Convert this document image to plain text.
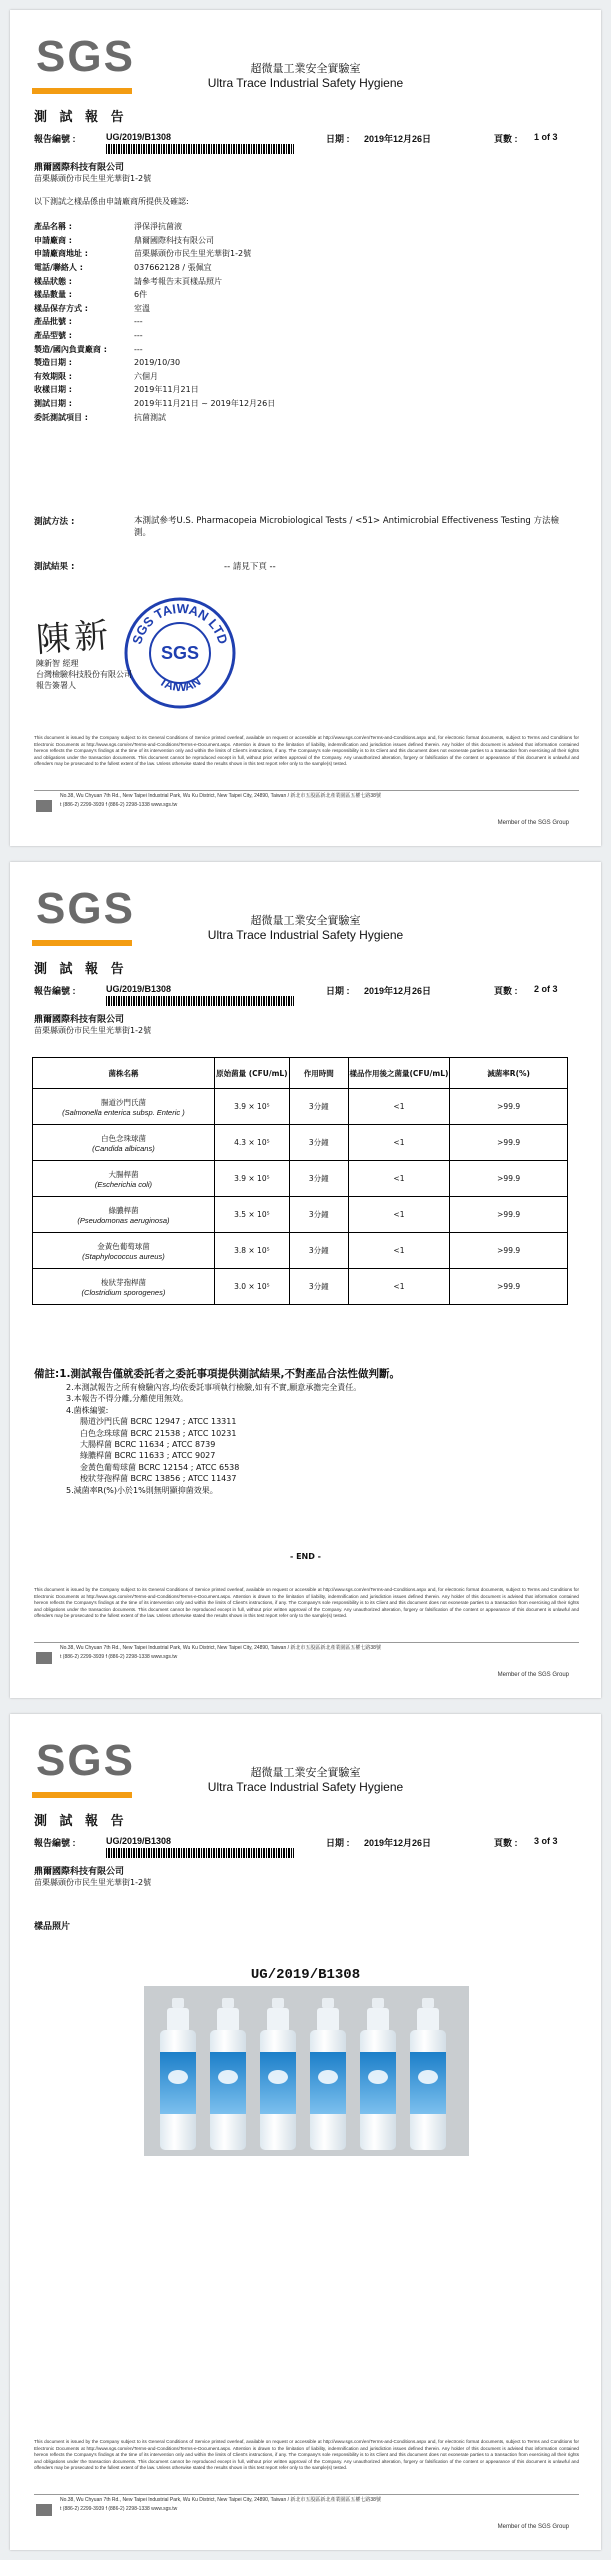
SGS	超微量工業安全實驗室
Ultra Trace Industrial Safety Hygiene
測 試 報 告
報告編號 :	UG/2019/B1308	日期 : 2019年12月26日	頁數 : 1 of 3
鼎爾國際科技有限公司
苗栗縣頭份市民生里光華街1-2號
以下測試之樣品係由申請廠商所提供及確認:
產品名稱 :	淨保淨抗菌液
申請廠商 :	鼎爾國際科技有限公司
申請廠商地址 :	苗栗縣頭份市民生里光華街1-2號
電話/聯絡人 :	037662128 / 張佩宜
樣品狀態 :	請參考報告末頁樣品照片
樣品數量 :	6件
樣品保存方式 :	室溫
產品批號 :	---
產品型號 :	---
製造/國內負責廠商 :	---
製造日期 :	2019/10/30
有效期限 :	六個月
收樣日期 :	2019年11月21日
測試日期 :	2019年11月21日 ~ 2019年12月26日
委託測試項目 :	抗菌測試
測試方法 :	本測試參考U.S. Pharmacopeia Microbiological Tests / <51> Antimicrobial Effectiveness Testing 方法檢測。
測試結果 :	-- 請見下頁 --
陳新 SGS TAIWAN LTD
SGS
TAIWAN
陳新智 經理
台灣檢驗科技股份有限公司
報告簽署人
This document is issued by the Company subject to its General Conditions of Service printed overleaf, available on request or accessible at http://www.sgs.com/en/Terms-and-Conditions.aspx and, for electronic format documents, subject to Terms and Conditions for Electronic Documents at http://www.sgs.com/en/Terms-and-Conditions/Terms-e-Document.aspx. Attention is drawn to the limitation of liability, indemnification and jurisdiction issues defined therein. Any holder of this document is advised that information contained hereon reflects the Company's findings at the time of its intervention only and within the limits of Client's instructions, if any. The Company's sole responsibility is to its Client and this document does not exonerate parties to a transaction from exercising all their rights and obligations under the transaction documents. This document cannot be reproduced except in full, without prior written approval of the Company. Any unauthorized alteration, forgery or falsification of the content or appearance of this document is unlawful and offenders may be prosecuted to the fullest extent of the law. Unless otherwise stated the results shown in this test report refer only to the sample(s) tested.
No.38, Wu Chyuan 7th Rd., New Taipei Industrial Park, Wu Ku District, New Taipei City, 24890, Taiwan / 新北市五股區新北產業園區五權七路38號
t (886-2) 2299-3939 f (886-2) 2298-1338 www.sgs.tw
Member of the SGS Group
SGS	超微量工業安全實驗室
Ultra Trace Industrial Safety Hygiene
測 試 報 告
報告編號 :	UG/2019/B1308	日期 : 2019年12月26日	頁數 : 2 of 3
鼎爾國際科技有限公司
苗栗縣頭份市民生里光華街1-2號
菌株名稱	原始菌量 (CFU/mL)	作用時間	樣品作用後之菌量(CFU/mL)	減菌率R(%)

腸道沙門氏菌
(Salmonella enterica subsp. Enteric )	3.9 × 10⁵	3分鐘	<1	>99.9

白色念珠球菌
(Candida albicans)	4.3 × 10⁵	3分鐘	<1	>99.9

大腸桿菌
(Escherichia coli)	3.9 × 10⁵	3分鐘	<1	>99.9

綠膿桿菌
(Pseudomonas aeruginosa)	3.5 × 10⁵	3分鐘	<1	>99.9

金黃色葡萄球菌
(Staphylococcus aureus)	3.8 × 10⁵	3分鐘	<1	>99.9

梭狀芽孢桿菌
(Clostridium sporogenes)	3.0 × 10⁵	3分鐘	<1	>99.9
備註:1.測試報告僅就委託者之委託事項提供測試結果,不對產品合法性做判斷。
2.本測試報告之所有檢驗內容,均依委託事項執行檢驗,如有不實,願意承擔完全責任。
3.本報告不得分離,分離使用無效。
4.菌株編號:
腸道沙門氏菌 BCRC 12947 ; ATCC 13311
白色念珠球菌 BCRC 21538 ; ATCC 10231
大腸桿菌 BCRC 11634 ; ATCC 8739
綠膿桿菌 BCRC 11633 ; ATCC 9027
金黃色葡萄球菌 BCRC 12154 ; ATCC 6538
梭狀芽孢桿菌 BCRC 13856 ; ATCC 11437
5.減菌率R(%)小於1%則無明顯抑菌效果。
- END -
This document is issued by the Company subject to its General Conditions of Service printed overleaf, available on request or accessible at http://www.sgs.com/en/Terms-and-Conditions.aspx and, for electronic format documents, subject to Terms and Conditions for Electronic Documents at http://www.sgs.com/en/Terms-and-Conditions/Terms-e-Document.aspx. Attention is drawn to the limitation of liability, indemnification and jurisdiction issues defined therein. Any holder of this document is advised that information contained hereon reflects the Company's findings at the time of its intervention only and within the limits of Client's instructions, if any. The Company's sole responsibility is to its Client and this document does not exonerate parties to a transaction from exercising all their rights and obligations under the transaction documents. This document cannot be reproduced except in full, without prior written approval of the Company. Any unauthorized alteration, forgery or falsification of the content or appearance of this document is unlawful and offenders may be prosecuted to the fullest extent of the law. Unless otherwise stated the results shown in this test report refer only to the sample(s) tested.
No.38, Wu Chyuan 7th Rd., New Taipei Industrial Park, Wu Ku District, New Taipei City, 24890, Taiwan / 新北市五股區新北產業園區五權七路38號
t (886-2) 2299-3939 f (886-2) 2298-1338 www.sgs.tw
Member of the SGS Group
SGS	超微量工業安全實驗室
Ultra Trace Industrial Safety Hygiene
測 試 報 告
報告編號 :	UG/2019/B1308	日期 : 2019年12月26日	頁數 : 3 of 3
鼎爾國際科技有限公司
苗栗縣頭份市民生里光華街1-2號
樣品照片
UG/2019/B1308
This document is issued by the Company subject to its General Conditions of Service printed overleaf, available on request or accessible at http://www.sgs.com/en/Terms-and-Conditions.aspx and, for electronic format documents, subject to Terms and Conditions for Electronic Documents at http://www.sgs.com/en/Terms-and-Conditions/Terms-e-Document.aspx. Attention is drawn to the limitation of liability, indemnification and jurisdiction issues defined therein. Any holder of this document is advised that information contained hereon reflects the Company's findings at the time of its intervention only and within the limits of Client's instructions, if any. The Company's sole responsibility is to its Client and this document does not exonerate parties to a transaction from exercising all their rights and obligations under the transaction documents. This document cannot be reproduced except in full, without prior written approval of the Company. Any unauthorized alteration, forgery or falsification of the content or appearance of this document is unlawful and offenders may be prosecuted to the fullest extent of the law. Unless otherwise stated the results shown in this test report refer only to the sample(s) tested.
No.38, Wu Chyuan 7th Rd., New Taipei Industrial Park, Wu Ku District, New Taipei City, 24890, Taiwan / 新北市五股區新北產業園區五權七路38號
t (886-2) 2299-3939 f (886-2) 2298-1338 www.sgs.tw
Member of the SGS Group
